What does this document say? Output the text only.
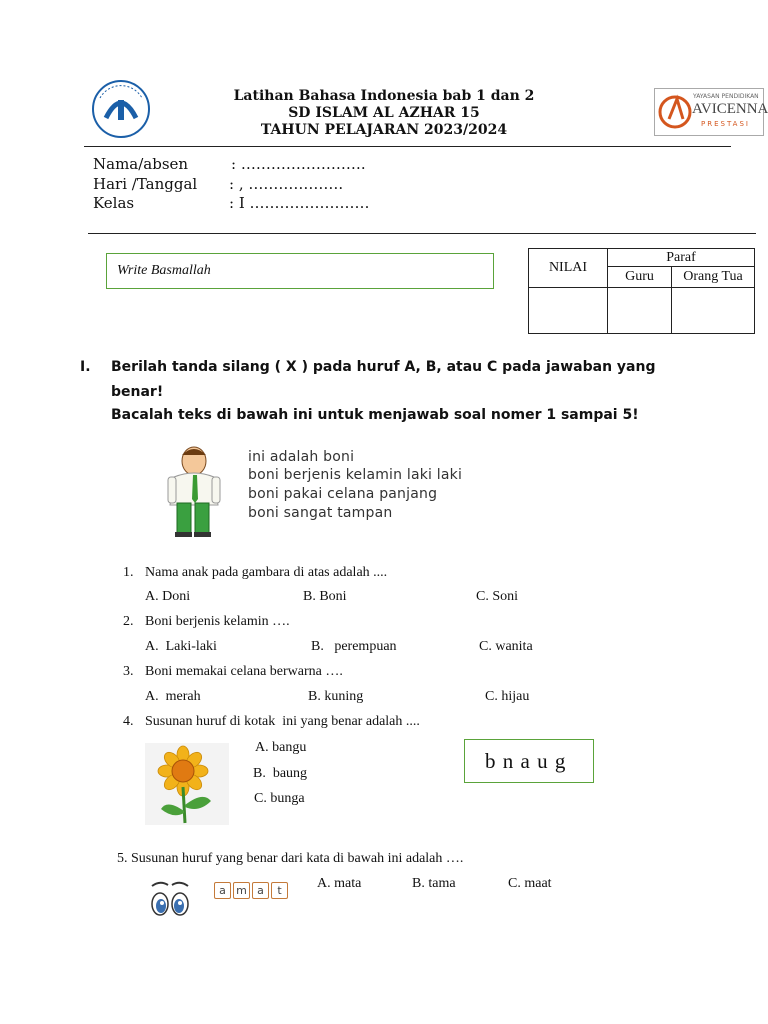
YAYASAN PENDIDIKAN
AVICENNA
PRESTASI
Latihan Bahasa Indonesia bab 1 dan 2
SD ISLAM AL AZHAR 15
TAHUN PELAJARAN 2023/2024
Nama/absen	: …………………….
Hari /Tanggal : , ……………….
Kelas	: I ……………………
Write Basmallah	NILAI	Paraf	
	Guru	Orang Tua

I. Berilah tanda silang ( X ) pada huruf A, B, atau C pada jawaban yang
benar!
Bacalah teks di bawah ini untuk menjawab soal nomer 1 sampai 5!
ini adalah boni
boni berjenis kelamin laki laki
boni pakai celana panjang
boni sangat tampan
1. Nama anak pada gambara di atas adalah ....
A. Doni	B. Boni	C. Soni
2. Boni berjenis kelamin ….
A.  Laki-laki	B.   perempuan	C. wanita
3. Boni memakai celana berwarna ….
A.  merah	B. kuning	C. hijau
4. Susunan huruf di kotak  ini yang benar adalah ....
A. bangu
B.  baung
C. bunga
b n a u g
5. Susunan huruf yang benar dari kata di bawah ini adalah ….
a m a	t	A. mata	B. tama	C. maat
